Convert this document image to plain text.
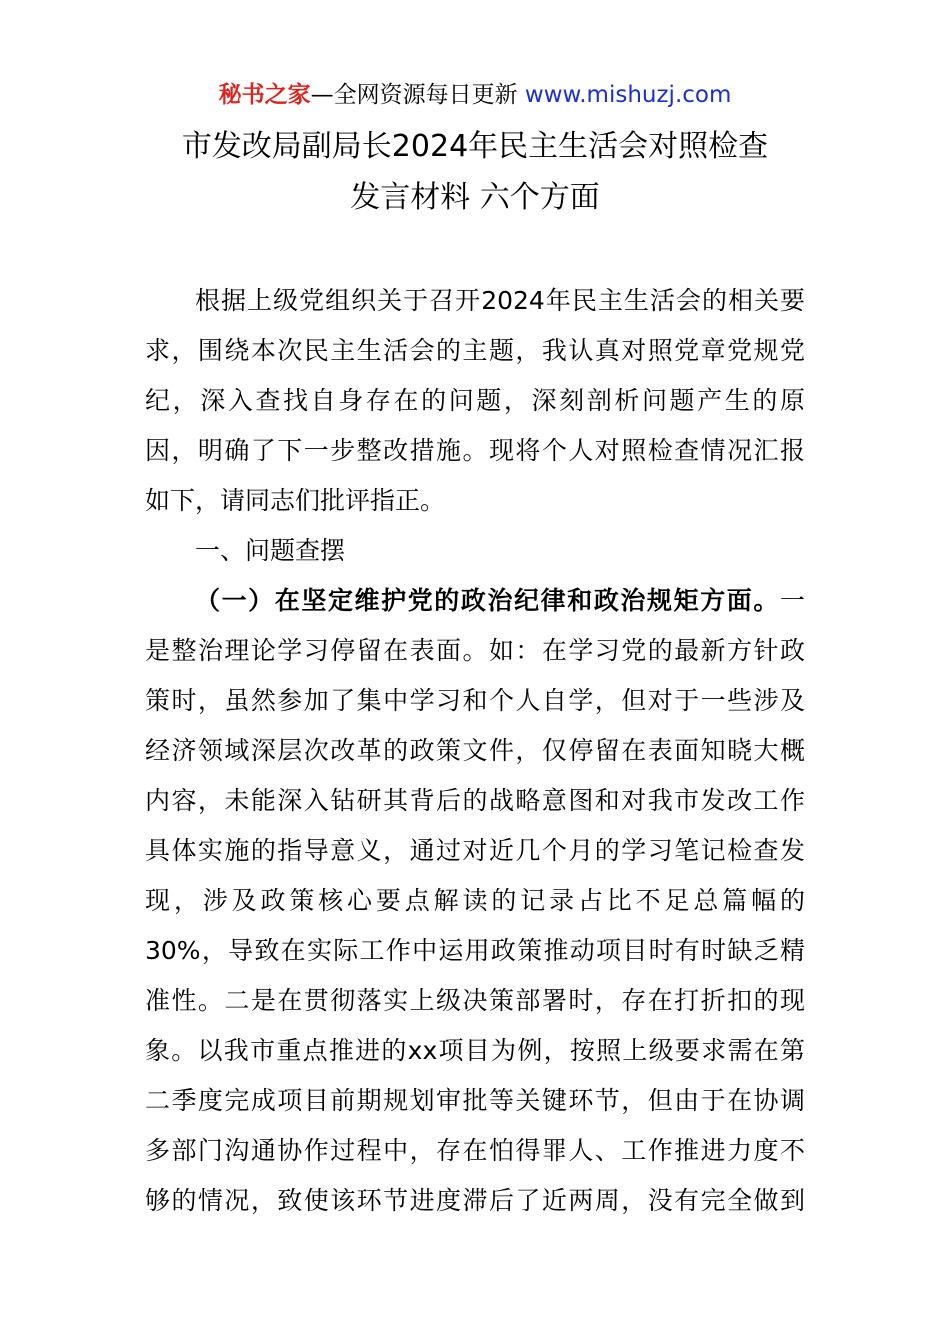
秘书之家—全网资源每日更新 www.mishuzj.com
市发改局副局长2024年民主生活会对照检查
发言材料 六个方面
根据上级党组织关于召开2024年民主生活会的相关要
求，围绕本次民主生活会的主题，我认真对照党章党规党
纪，深入查找自身存在的问题，深刻剖析问题产生的原
因，明确了下一步整改措施。现将个人对照检查情况汇报
如下，请同志们批评指正。
一、问题查摆
（一）在坚定维护党的政治纪律和政治规矩方面。一
是整治理论学习停留在表面。如：在学习党的最新方针政
策时，虽然参加了集中学习和个人自学，但对于一些涉及
经济领域深层次改革的政策文件，仅停留在表面知晓大概
内容，未能深入钻研其背后的战略意图和对我市发改工作
具体实施的指导意义，通过对近几个月的学习笔记检查发
现，涉及政策核心要点解读的记录占比不足总篇幅的
30%，导致在实际工作中运用政策推动项目时有时缺乏精
准性。二是在贯彻落实上级决策部署时，存在打折扣的现
象。以我市重点推进的xx项目为例，按照上级要求需在第
二季度完成项目前期规划审批等关键环节，但由于在协调
多部门沟通协作过程中，存在怕得罪人、工作推进力度不
够的情况，致使该环节进度滞后了近两周，没有完全做到
